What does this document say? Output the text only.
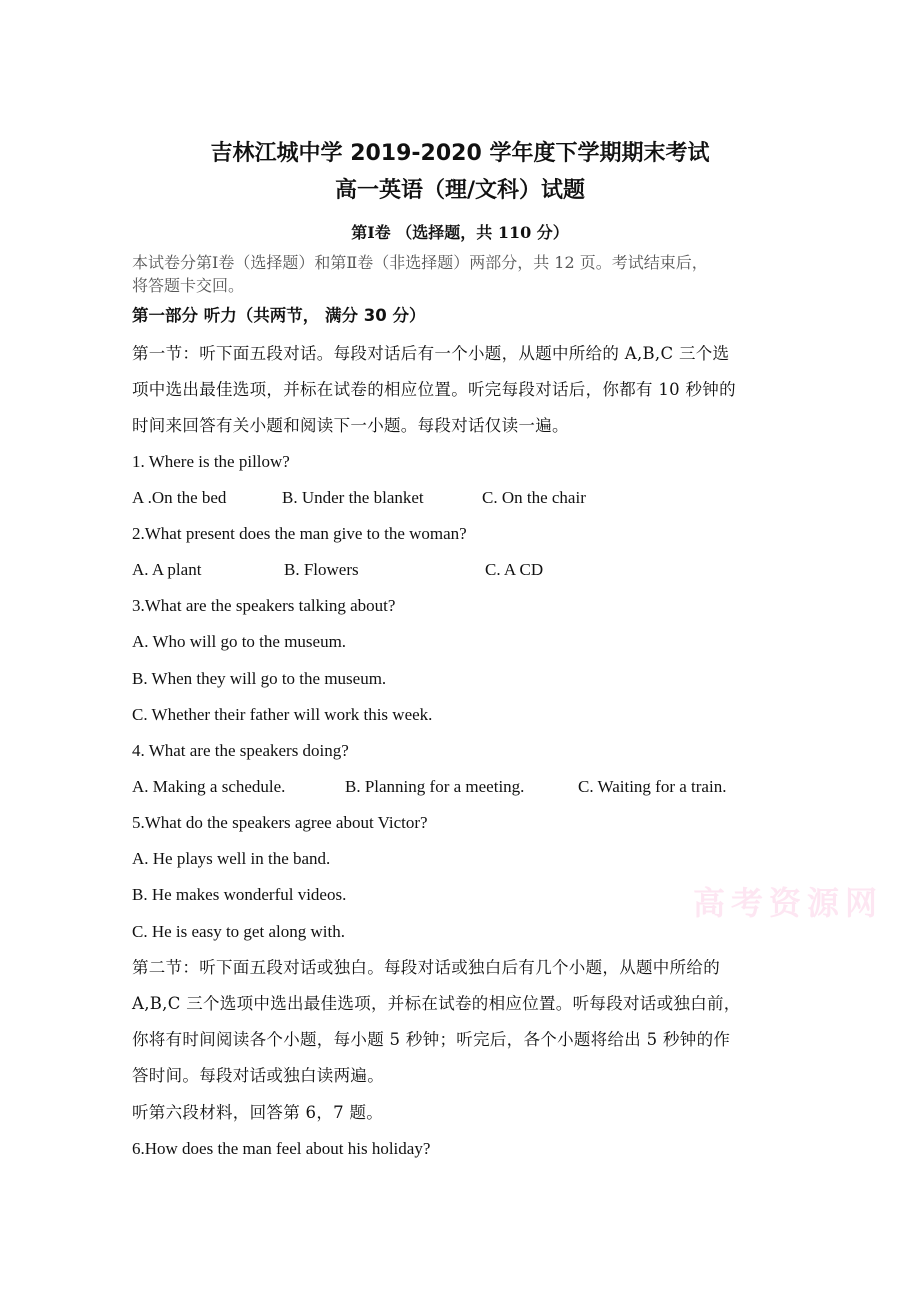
吉林江城中学 2019-2020 学年度下学期期末考试
高一英语（理/文科）试题
第Ⅰ卷 （选择题，共 110 分）
本试卷分第Ⅰ卷（选择题）和第Ⅱ卷（非选择题）两部分，共 12 页。考试结束后，
将答题卡交回。
第一部分 听力（共两节， 满分 30 分）
第一节：听下面五段对话。每段对话后有一个小题，从题中所给的 A,B,C 三个选
项中选出最佳选项，并标在试卷的相应位置。听完每段对话后，你都有 10 秒钟的
时间来回答有关小题和阅读下一小题。每段对话仅读一遍。
1. Where is the pillow?
A .On the bed	B. Under the blanket	C. On the chair
2.What present does the man give to the woman?
A. A plant	B. Flowers	C. A CD
3.What are the speakers talking about?
A. Who will go to the museum.
B. When they will go to the museum.
C. Whether their father will work this week.
4. What are the speakers doing?
A. Making a schedule.	B. Planning for a meeting.	C. Waiting for a train.
5.What do the speakers agree about Victor?
A. He plays well in the band.
B. He makes wonderful videos.
C. He is easy to get along with.
第二节：听下面五段对话或独白。每段对话或独白后有几个小题，从题中所给的
A,B,C 三个选项中选出最佳选项，并标在试卷的相应位置。听每段对话或独白前，
你将有时间阅读各个小题，每小题 5 秒钟；听完后，各个小题将给出 5 秒钟的作
答时间。每段对话或独白读两遍。
听第六段材料，回答第 6，7 题。
6.How does the man feel about his holiday?
高考资源网
